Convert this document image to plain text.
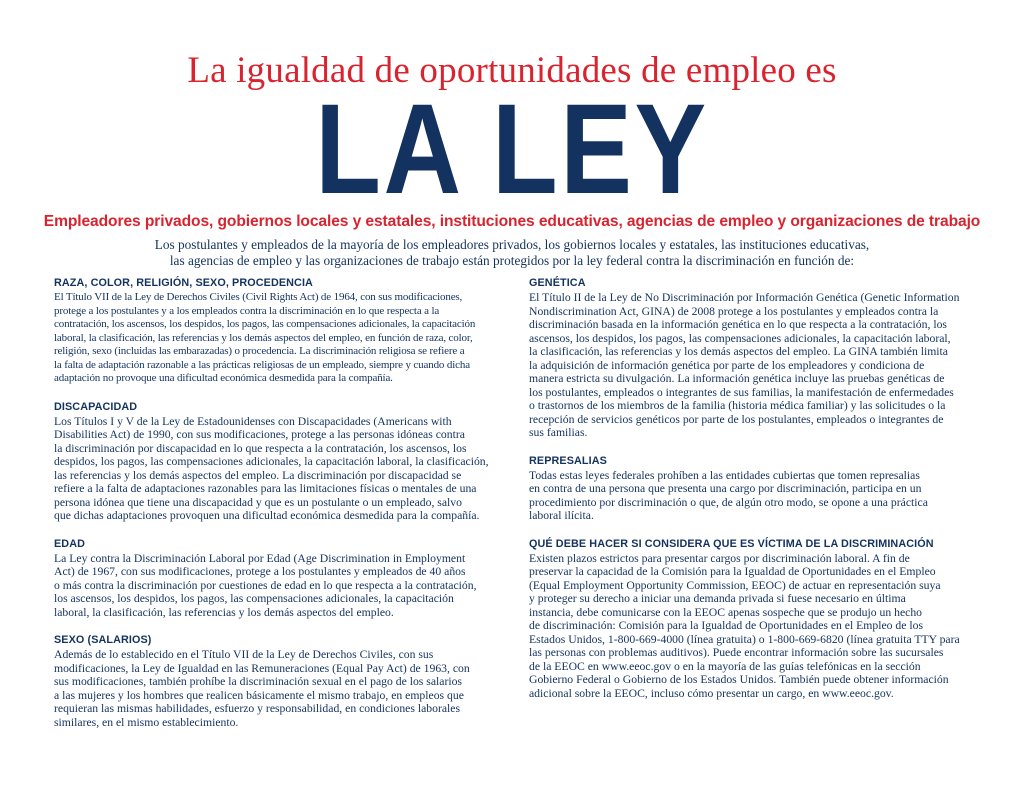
La igualdad de oportunidades de empleo es
LA LEY
Empleadores privados, gobiernos locales y estatales, instituciones educativas, agencias de empleo y organizaciones de trabajo
Los postulantes y empleados de la mayoría de los empleadores privados, los gobiernos locales y estatales, las instituciones educativas,
las agencias de empleo y las organizaciones de trabajo están protegidos por la ley federal contra la discriminación en función de:
RAZA, COLOR, RELIGIÓN, SEXO, PROCEDENCIA
El Título VII de la Ley de Derechos Civiles (Civil Rights Act) de 1964, con sus modificaciones,
protege a los postulantes y a los empleados contra la discriminación en lo que respecta a la
contratación, los ascensos, los despidos, los pagos, las compensaciones adicionales, la capacitación
laboral, la clasificación, las referencias y los demás aspectos del empleo, en función de raza, color,
religión, sexo (incluidas las embarazadas) o procedencia. La discriminación religiosa se refiere a
la falta de adaptación razonable a las prácticas religiosas de un empleado, siempre y cuando dicha
adaptación no provoque una dificultad económica desmedida para la compañía.
DISCAPACIDAD
Los Títulos I y V de la Ley de Estadounidenses con Discapacidades (Americans with
Disabilities Act) de 1990, con sus modificaciones, protege a las personas idóneas contra
la discriminación por discapacidad en lo que respecta a la contratación, los ascensos, los
despidos, los pagos, las compensaciones adicionales, la capacitación laboral, la clasificación,
las referencias y los demás aspectos del empleo. La discriminación por discapacidad se
refiere a la falta de adaptaciones razonables para las limitaciones físicas o mentales de una
persona idónea que tiene una discapacidad y que es un postulante o un empleado, salvo
que dichas adaptaciones provoquen una dificultad económica desmedida para la compañía.
EDAD
La Ley contra la Discriminación Laboral por Edad (Age Discrimination in Employment
Act) de 1967, con sus modificaciones, protege a los postulantes y empleados de 40 años
o más contra la discriminación por cuestiones de edad en lo que respecta a la contratación,
los ascensos, los despidos, los pagos, las compensaciones adicionales, la capacitación
laboral, la clasificación, las referencias y los demás aspectos del empleo.
SEXO (SALARIOS)
Además de lo establecido en el Título VII de la Ley de Derechos Civiles, con sus
modificaciones, la Ley de Igualdad en las Remuneraciones (Equal Pay Act) de 1963, con
sus modificaciones, también prohíbe la discriminación sexual en el pago de los salarios
a las mujeres y los hombres que realicen básicamente el mismo trabajo, en empleos que
requieran las mismas habilidades, esfuerzo y responsabilidad, en condiciones laborales
similares, en el mismo establecimiento.
GENÉTICA
El Título II de la Ley de No Discriminación por Información Genética (Genetic Information
Nondiscrimination Act, GINA) de 2008 protege a los postulantes y empleados contra la
discriminación basada en la información genética en lo que respecta a la contratación, los
ascensos, los despidos, los pagos, las compensaciones adicionales, la capacitación laboral,
la clasificación, las referencias y los demás aspectos del empleo. La GINA también limita
la adquisición de información genética por parte de los empleadores y condiciona de
manera estricta su divulgación. La información genética incluye las pruebas genéticas de
los postulantes, empleados o integrantes de sus familias, la manifestación de enfermedades
o trastornos de los miembros de la familia (historia médica familiar) y las solicitudes o la
recepción de servicios genéticos por parte de los postulantes, empleados o integrantes de
sus familias.
REPRESALIAS
Todas estas leyes federales prohíben a las entidades cubiertas que tomen represalias
en contra de una persona que presenta una cargo por discriminación, participa en un
procedimiento por discriminación o que, de algún otro modo, se opone a una práctica
laboral ilícita.
QUÉ DEBE HACER SI CONSIDERA QUE ES VÍCTIMA DE LA DISCRIMINACIÓN
Existen plazos estrictos para presentar cargos por discriminación laboral. A fin de
preservar la capacidad de la Comisión para la Igualdad de Oportunidades en el Empleo
(Equal Employment Opportunity Commission, EEOC) de actuar en representación suya
y proteger su derecho a iniciar una demanda privada si fuese necesario en última
instancia, debe comunicarse con la EEOC apenas sospeche que se produjo un hecho
de discriminación: Comisión para la Igualdad de Oportunidades en el Empleo de los
Estados Unidos, 1-800-669-4000 (línea gratuita) o 1-800-669-6820 (línea gratuita TTY para
las personas con problemas auditivos). Puede encontrar información sobre las sucursales
de la EEOC en www.eeoc.gov o en la mayoría de las guías telefónicas en la sección
Gobierno Federal o Gobierno de los Estados Unidos. También puede obtener información
adicional sobre la EEOC, incluso cómo presentar un cargo, en www.eeoc.gov.
